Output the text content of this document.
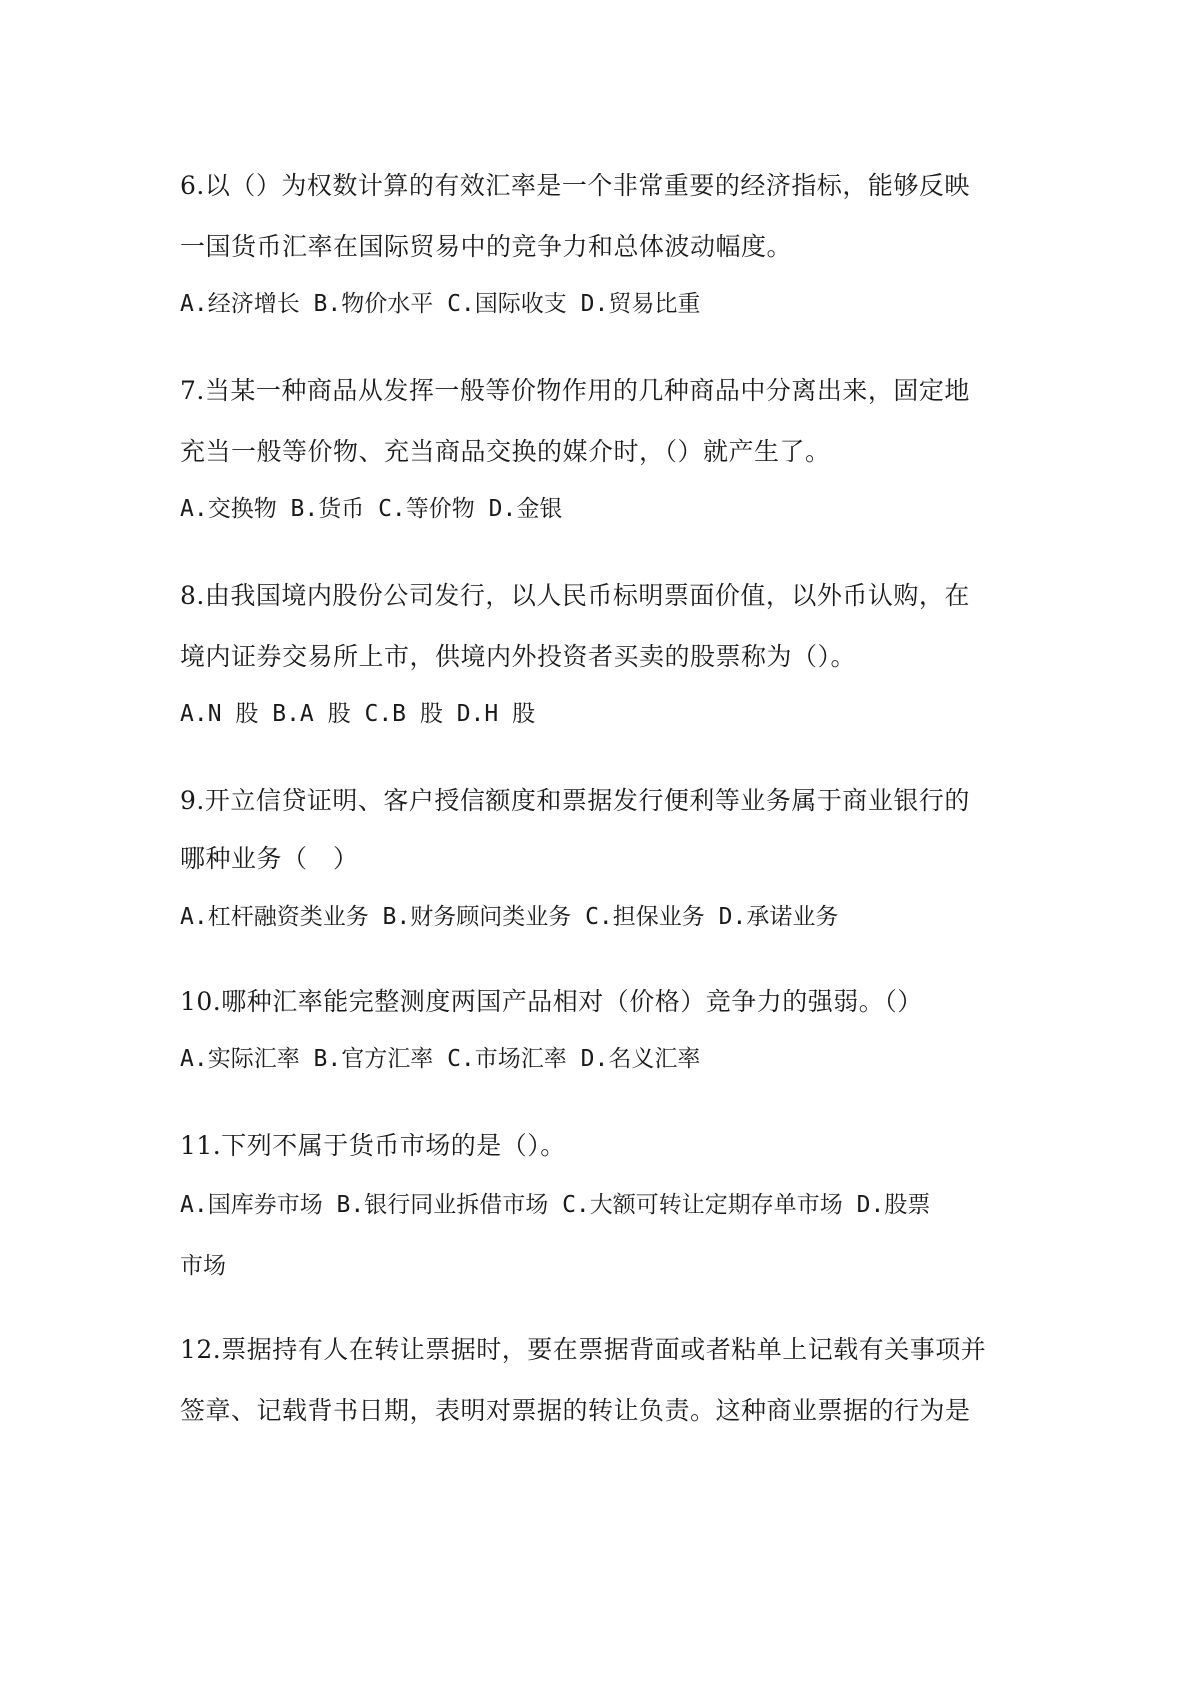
6.以（）为权数计算的有效汇率是一个非常重要的经济指标，能够反映
一国货币汇率在国际贸易中的竞争力和总体波动幅度。
A.经济增长 B.物价水平 C.国际收支 D.贸易比重
7.当某一种商品从发挥一般等价物作用的几种商品中分离出来，固定地
充当一般等价物、充当商品交换的媒介时，（）就产生了。
A.交换物 B.货币 C.等价物 D.金银
8.由我国境内股份公司发行，以人民币标明票面价值，以外币认购，在
境内证券交易所上市，供境内外投资者买卖的股票称为（）。
A.N 股 B.A 股 C.B 股 D.H 股
9.开立信贷证明、客户授信额度和票据发行便利等业务属于商业银行的
哪种业务（　）
A.杠杆融资类业务 B.财务顾问类业务 C.担保业务 D.承诺业务
10.哪种汇率能完整测度两国产品相对（价格）竞争力的强弱。（）
A.实际汇率 B.官方汇率 C.市场汇率 D.名义汇率
11.下列不属于货币市场的是（）。
A.国库券市场 B.银行同业拆借市场 C.大额可转让定期存单市场 D.股票
市场
12.票据持有人在转让票据时，要在票据背面或者粘单上记载有关事项并
签章、记载背书日期，表明对票据的转让负责。这种商业票据的行为是
